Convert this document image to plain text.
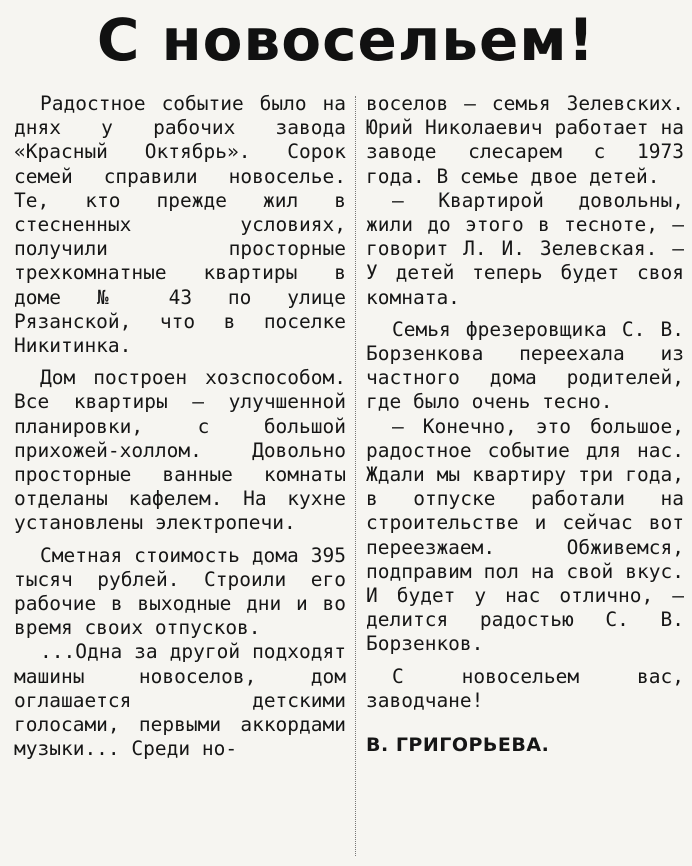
С новосельем!

Радостное событие было на днях у рабочих завода «Красный Октябрь». Сорок семей справили новоселье. Те, кто прежде жил в стесненных условиях, получили просторные трехкомнатные квартиры в доме № 43 по улице Рязанской, что в поселке Никитинка.

Дом построен хозспособом. Все квартиры — улучшенной планировки, с большой прихожей-холлом. Довольно просторные ванные комнаты отделаны кафелем. На кухне установлены электропечи.

Сметная стоимость дома 395 тысяч рублей. Строили его рабочие в выходные дни и во время своих отпусков.

...Одна за другой подходят машины новоселов, дом оглашается детскими голосами, первыми аккордами музыки... Среди но-

воселов — семья Зелевских. Юрий Николаевич работает на заводе слесарем с 1973 года. В семье двое детей.

— Квартирой довольны, жили до этого в тесноте, — говорит Л. И. Зелевская. — У детей теперь будет своя комната.

Семья фрезеровщика С. В. Борзенкова переехала из частного дома родителей, где было очень тесно.

— Конечно, это большое, радостное событие для нас. Ждали мы квартиру три года, в отпуске работали на строительстве и сейчас вот переезжаем. Обживемся, подправим пол на свой вкус. И будет у нас отлично, — делится радостью С. В. Борзенков.

С новосельем вас, заводчане!

В. ГРИГОРЬЕВА.
